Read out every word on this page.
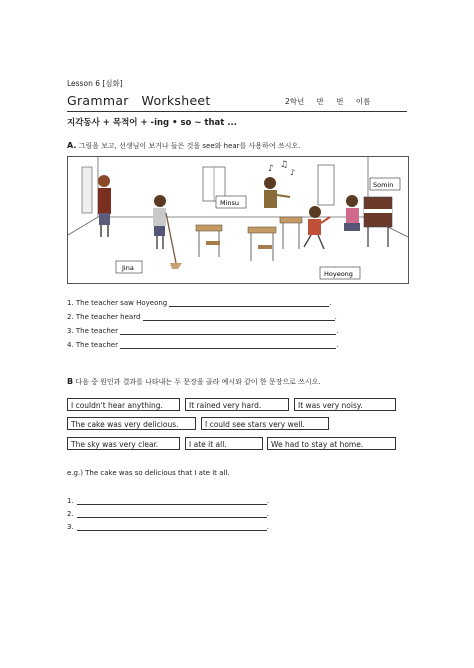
Lesson 6 [심화]
Grammar   Worksheet	2학년 반 번 이름
지각동사 + 목적어 + -ing • so ~ that ...
A. 그림을 보고, 선생님이 보거나 들은 것을 see와 hear를 사용하여 쓰시오.
♪ ♫
♪
Minsu
Somin
Jina
Hoyeong
1. The teacher saw Hoyeong	.
2. The teacher heard	.
3. The teacher	.
4. The teacher	.
B 다음 중 원인과 결과를 나타내는 두 문장을 골라 예시와 같이 한 문장으로 쓰시오.
I couldn't hear anything.	It rained very hard.	It was very noisy.
The cake was very delicious.	I could see stars very well.
The sky was very clear.	I ate it all.	We had to stay at home.
e.g.) The cake was so delicious that I ate it all.
1.	.
2.	.
3.	.
